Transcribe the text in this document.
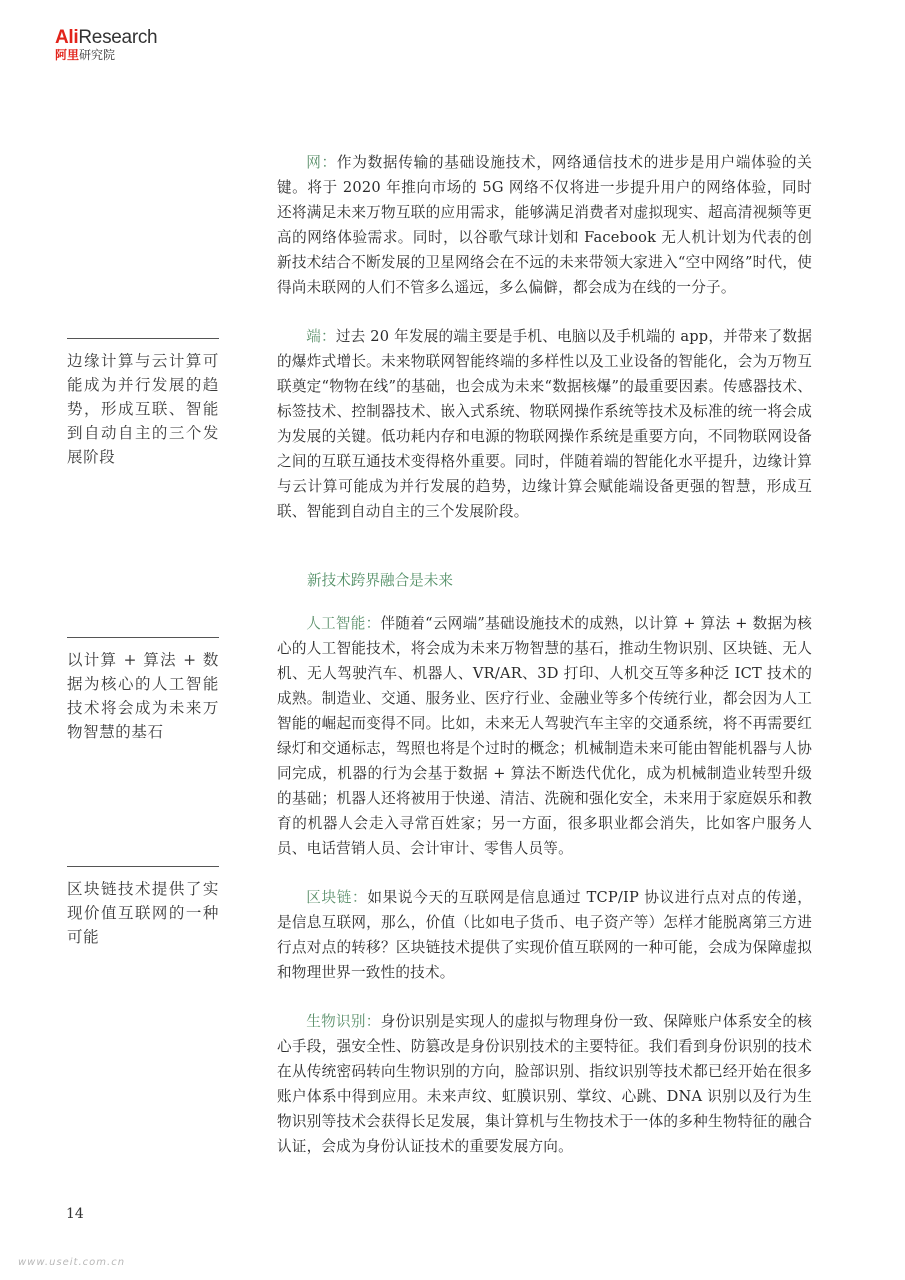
AliResearch
阿里研究院

边缘计算与云计算可能成为并行发展的趋势，形成互联、智能到自动自主的三个发展阶段

以计算 + 算法 + 数据为核心的人工智能技术将会成为未来万物智慧的基石

区块链技术提供了实现价值互联网的一种可能

网：作为数据传输的基础设施技术，网络通信技术的进步是用户端体验的关键。将于 2020 年推向市场的 5G 网络不仅将进一步提升用户的网络体验，同时还将满足未来万物互联的应用需求，能够满足消费者对虚拟现实、超高清视频等更高的网络体验需求。同时，以谷歌气球计划和 Facebook 无人机计划为代表的创新技术结合不断发展的卫星网络会在不远的未来带领大家进入“空中网络”时代，使得尚未联网的人们不管多么遥远，多么偏僻，都会成为在线的一分子。

端：过去 20 年发展的端主要是手机、电脑以及手机端的 app，并带来了数据的爆炸式增长。未来物联网智能终端的多样性以及工业设备的智能化，会为万物互联奠定“物物在线”的基础，也会成为未来“数据核爆”的最重要因素。传感器技术、标签技术、控制器技术、嵌入式系统、物联网操作系统等技术及标准的统一将会成为发展的关键。低功耗内存和电源的物联网操作系统是重要方向，不同物联网设备之间的互联互通技术变得格外重要。同时，伴随着端的智能化水平提升，边缘计算与云计算可能成为并行发展的趋势，边缘计算会赋能端设备更强的智慧，形成互联、智能到自动自主的三个发展阶段。

新技术跨界融合是未来

人工智能：伴随着“云网端”基础设施技术的成熟，以计算 + 算法 + 数据为核心的人工智能技术，将会成为未来万物智慧的基石，推动生物识别、区块链、无人机、无人驾驶汽车、机器人、VR/AR、3D 打印、人机交互等多种泛 ICT 技术的成熟。制造业、交通、服务业、医疗行业、金融业等多个传统行业，都会因为人工智能的崛起而变得不同。比如，未来无人驾驶汽车主宰的交通系统，将不再需要红绿灯和交通标志，驾照也将是个过时的概念；机械制造未来可能由智能机器与人协同完成，机器的行为会基于数据 + 算法不断迭代优化，成为机械制造业转型升级的基础；机器人还将被用于快递、清洁、洗碗和强化安全，未来用于家庭娱乐和教育的机器人会走入寻常百姓家；另一方面，很多职业都会消失，比如客户服务人员、电话营销人员、会计审计、零售人员等。

区块链：如果说今天的互联网是信息通过 TCP/IP 协议进行点对点的传递，是信息互联网，那么，价值（比如电子货币、电子资产等）怎样才能脱离第三方进行点对点的转移？区块链技术提供了实现价值互联网的一种可能，会成为保障虚拟和物理世界一致性的技术。

生物识别：身份识别是实现人的虚拟与物理身份一致、保障账户体系安全的核心手段，强安全性、防篡改是身份识别技术的主要特征。我们看到身份识别的技术在从传统密码转向生物识别的方向，脸部识别、指纹识别等技术都已经开始在很多账户体系中得到应用。未来声纹、虹膜识别、掌纹、心跳、DNA 识别以及行为生物识别等技术会获得长足发展，集计算机与生物技术于一体的多种生物特征的融合认证，会成为身份认证技术的重要发展方向。

14
www.useit.com.cn
